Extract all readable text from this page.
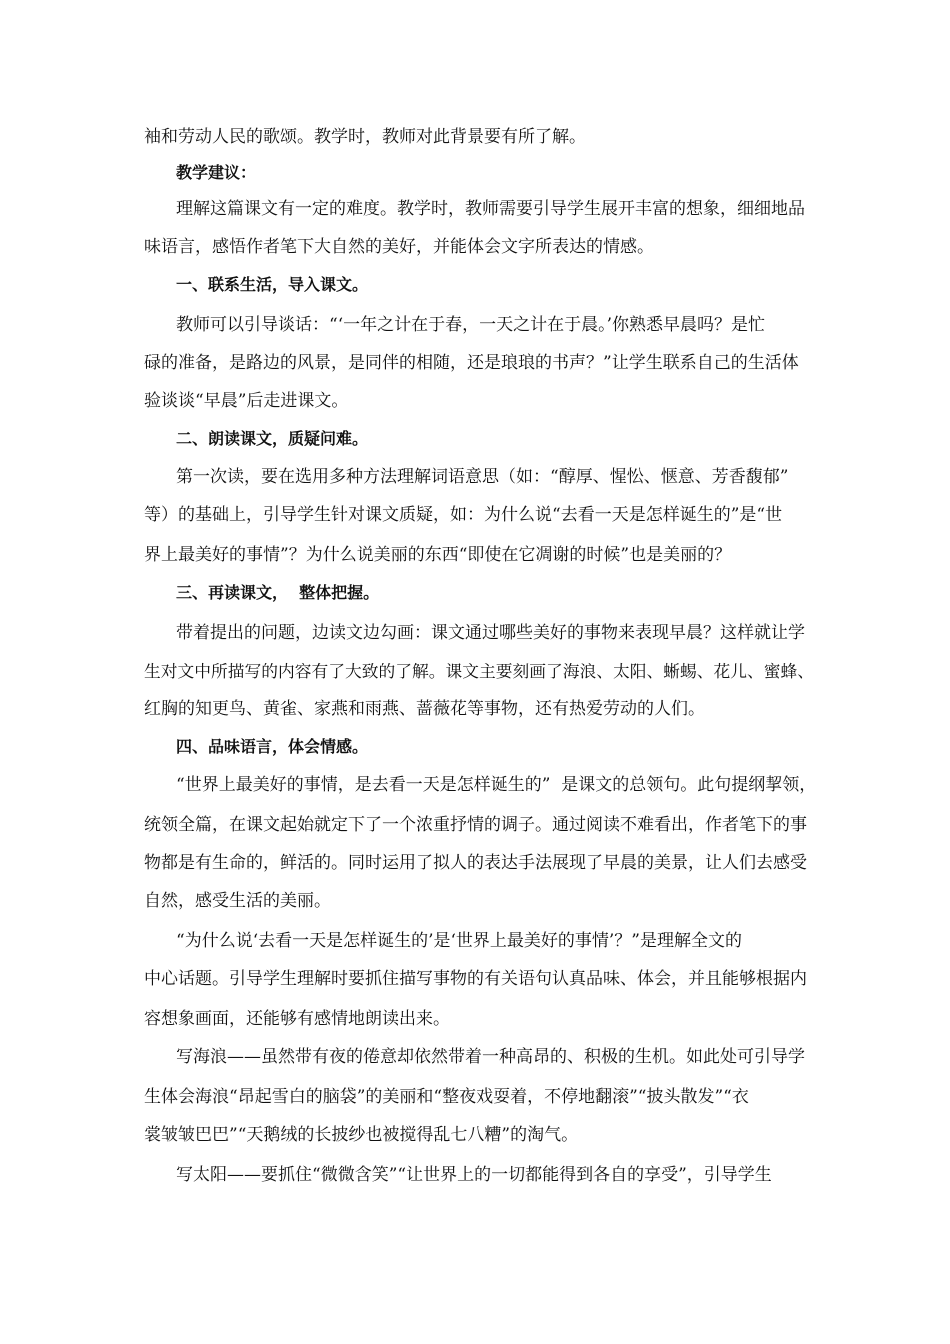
袖和劳动人民的歌颂。教学时，教师对此背景要有所了解。
教学建议：
理解这篇课文有一定的难度。教学时，教师需要引导学生展开丰富的想象，细细地品
味语言，感悟作者笔下大自然的美好，并能体会文字所表达的情感。
一、联系生活，导入课文。
教师可以引导谈话：“‘一年之计在于春，一天之计在于晨。’你熟悉早晨吗？是忙
碌的准备，是路边的风景，是同伴的相随，还是琅琅的书声？”让学生联系自己的生活体
验谈谈“早晨”后走进课文。
二、朗读课文，质疑问难。
第一次读，要在选用多种方法理解词语意思（如：“醇厚、惺忪、惬意、芳香馥郁”
等）的基础上，引导学生针对课文质疑，如：为什么说“去看一天是怎样诞生的”是“世
界上最美好的事情”？为什么说美丽的东西“即使在它凋谢的时候”也是美丽的？
三、再读课文，  整体把握。
带着提出的问题，边读文边勾画：课文通过哪些美好的事物来表现早晨？这样就让学
生对文中所描写的内容有了大致的了解。课文主要刻画了海浪、太阳、蜥蜴、花儿、蜜蜂、
红胸的知更鸟、黄雀、家燕和雨燕、蔷薇花等事物，还有热爱劳动的人们。
四、品味语言，体会情感。
“世界上最美好的事情，是去看一天是怎样诞生的”  是课文的总领句。此句提纲挈领，
统领全篇，在课文起始就定下了一个浓重抒情的调子。通过阅读不难看出，作者笔下的事
物都是有生命的，鲜活的。同时运用了拟人的表达手法展现了早晨的美景，让人们去感受
自然，感受生活的美丽。
“为什么说‘去看一天是怎样诞生的’是‘世界上最美好的事情’？”是理解全文的
中心话题。引导学生理解时要抓住描写事物的有关语句认真品味、体会，并且能够根据内
容想象画面，还能够有感情地朗读出来。
写海浪——虽然带有夜的倦意却依然带着一种高昂的、积极的生机。如此处可引导学
生体会海浪“昂起雪白的脑袋”的美丽和“整夜戏耍着，不停地翻滚”“披头散发”“衣
裳皱皱巴巴”“天鹅绒的长披纱也被搅得乱七八糟”的淘气。
写太阳——要抓住“微微含笑”“让世界上的一切都能得到各自的享受”，引导学生
